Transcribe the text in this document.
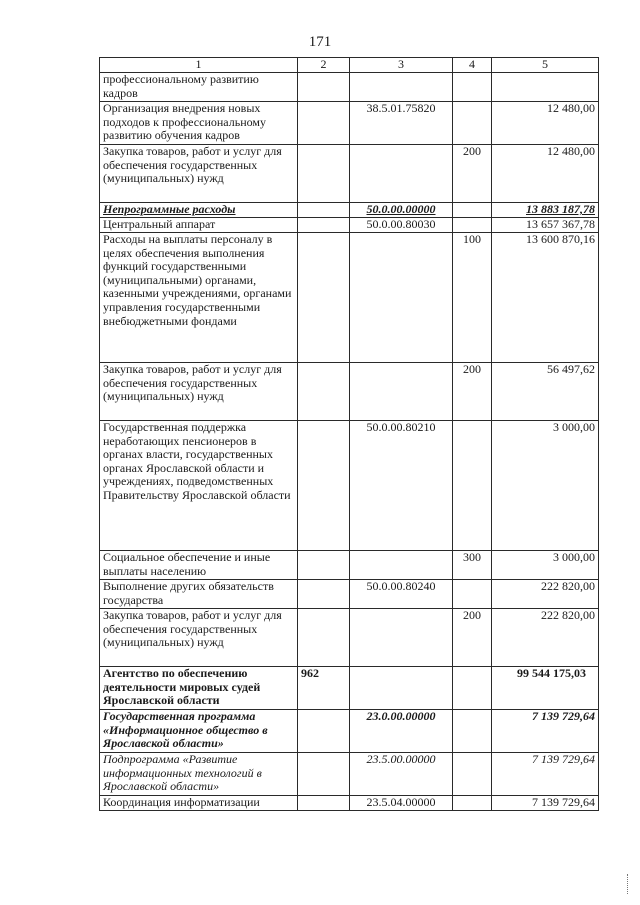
171
1	2	3	4	5
профессиональному развитию кадров				
Организация внедрения новых подходов к профессиональному развитию обучения кадров		38.5.01.75820		12 480,00
Закупка товаров, работ и услуг для обеспечения государственных (муниципальных) нужд			200	12 480,00
Непрограммные расходы		50.0.00.00000		13 883 187,78
Центральный аппарат		50.0.00.80030		13 657 367,78
Расходы на выплаты персоналу в целях обеспечения выполнения функций государственными (муниципальными) органами, казенными учреждениями, органами управления государственными внебюджетными фондами			100	13 600 870,16
Закупка товаров, работ и услуг для обеспечения государственных (муниципальных) нужд			200	56 497,62
Государственная поддержка неработающих пенсионеров в органах власти, государственных органах Ярославской области и учреждениях, подведомственных Правительству Ярославской области		50.0.00.80210		3 000,00
Социальное обеспечение и иные выплаты населению			300	3 000,00
Выполнение других обязательств государства		50.0.00.80240		222 820,00
Закупка товаров, работ и услуг для обеспечения государственных (муниципальных) нужд			200	222 820,00
Агентство по обеспечению деятельности мировых судей Ярославской области	962			99 544 175,03
Государственная программа «Информационное общество в Ярославской области»		23.0.00.00000		7 139 729,64
Подпрограмма «Развитие информационных технологий в Ярославской области»		23.5.00.00000		7 139 729,64
Координация информатизации		23.5.04.00000		7 139 729,64
